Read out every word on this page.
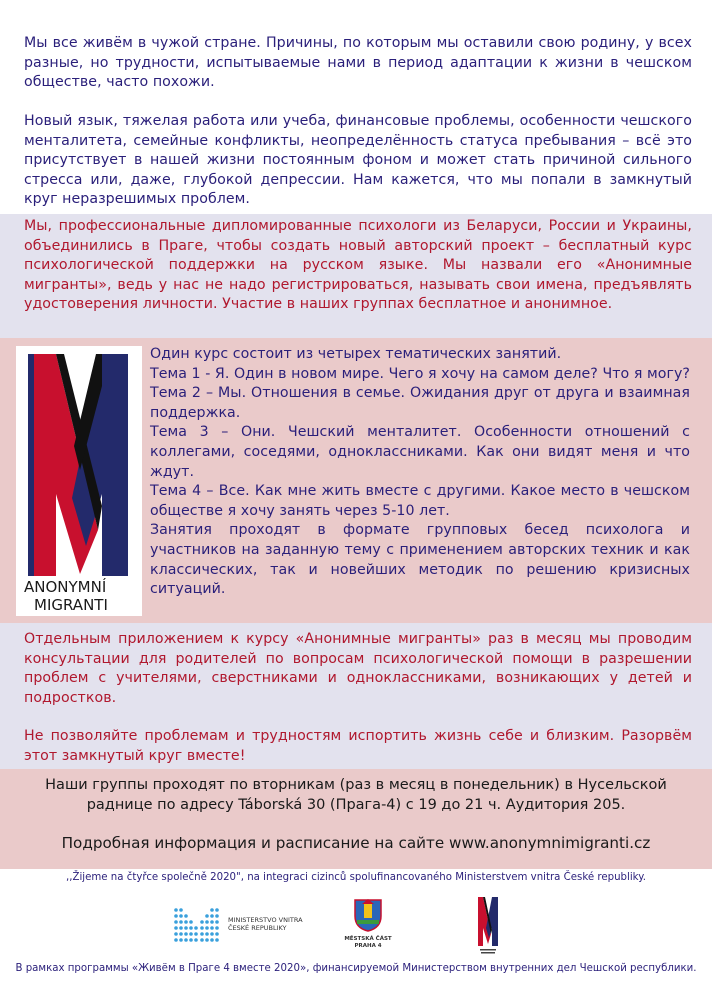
Мы все живём в чужой стране. Причины, по которым мы оставили свою родину, у всех разные, но трудности, испытываемые нами в период адаптации к жизни в чешском обществе, часто похожи.

Новый язык, тяжелая работа или учеба, финансовые проблемы, особенности чешского менталитета, семейные конфликты, неопределённость статуса пребывания – всё это присутствует в нашей жизни постоянным фоном и может стать причиной сильного стресса или, даже, глубокой депрессии. Нам кажется, что мы попали в замкнутый круг неразрешимых проблем.

Мы, профессиональные дипломированные психологи из Беларуси, России и Украины, объединились в Праге, чтобы создать новый авторский проект – бесплатный курс психологической поддержки на русском языке. Мы назвали его «Анонимные мигранты», ведь у нас не надо регистрироваться, называть свои имена, предъявлять удостоверения личности. Участие в наших группах бесплатное и анонимное.

ANONYMNÍ
MIGRANTI

Один курс состоит из четырех тематических занятий.

Тема 1 - Я. Один в новом мире. Чего я хочу на самом деле? Что я могу?

Тема 2 – Мы. Отношения в семье. Ожидания друг от друга и взаимная поддержка.

Тема 3 – Они. Чешский менталитет. Особенности отношений с коллегами, соседями, одноклассниками. Как они видят меня и что ждут.

Тема 4 – Все. Как мне жить вместе с другими. Какое место в чешском обществе я хочу занять через 5-10 лет.

Занятия проходят в формате групповых бесед психолога и участников на заданную тему с применением авторских техник и как классических, так и новейших методик по решению кризисных ситуаций.

Отдельным приложением к курсу «Анонимные мигранты» раз в месяц мы проводим консультации для родителей по вопросам психологической помощи в разрешении проблем с учителями, сверстниками и одноклассниками, возникающих у детей и подростков.

Не позволяйте проблемам и трудностям испортить жизнь себе и близким. Разорвём этот замкнутый круг вместе!

Наши группы проходят по вторникам (раз в месяц в понедельник) в Нусельской

раднице по адресу Táborská 30 (Прага-4) с 19 до 21 ч. Аудитория 205.

Подробная информация и расписание на сайте www.anonymnimigranti.cz

,,Žijeme na čtyřce společně 2020", na integraci cizinců spolufinancovaného Ministerstvem vnitra České republiky.
MINISTERSTVO VNITRA
ČESKÉ REPUBLIKY
MĚSTSKÁ ČÁST
PRAHA 4
В рамках программы «Живём в Праге 4 вместе 2020», финансируемой Министерством внутренних дел Чешской республики.
